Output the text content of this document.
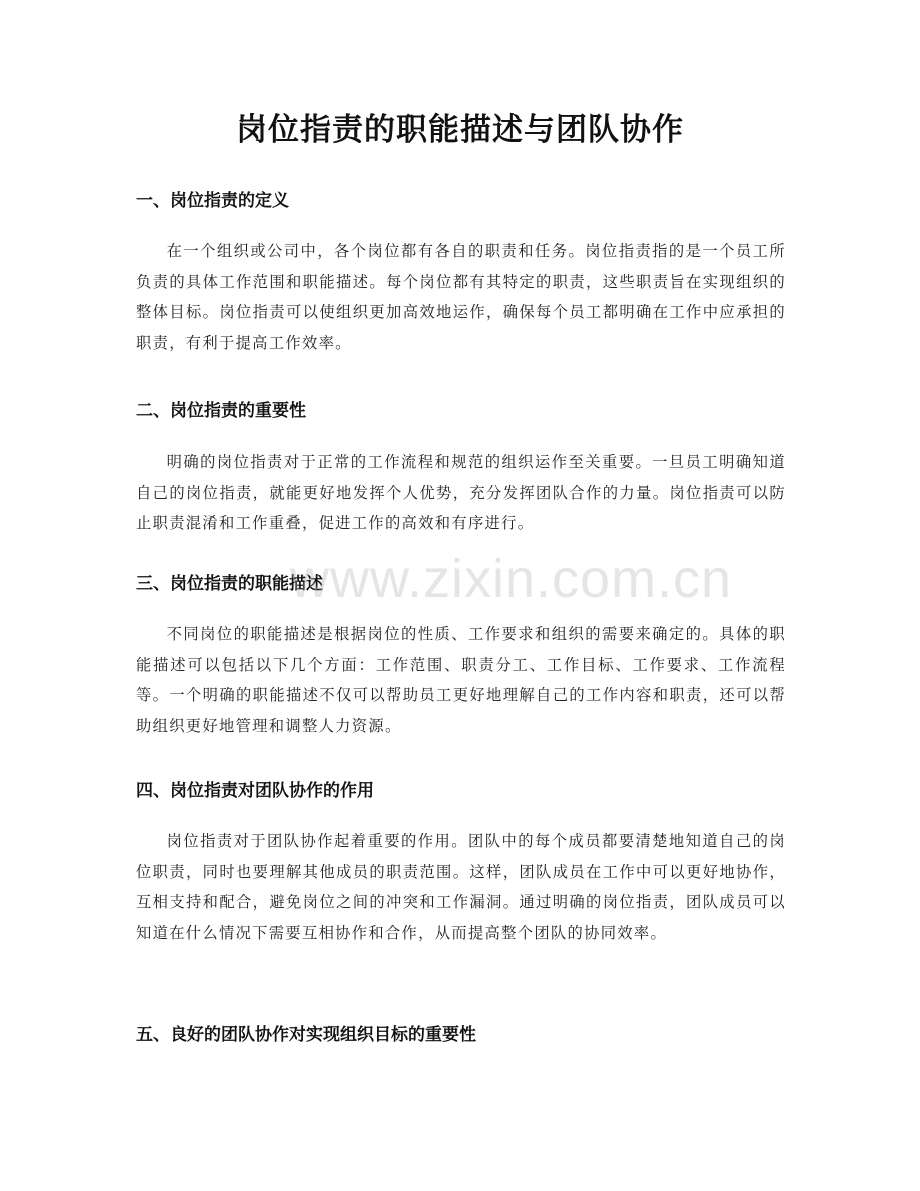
岗位指责的职能描述与团队协作
一、岗位指责的定义

在一个组织或公司中，各个岗位都有各自的职责和任务。岗位指责指的是一个员工所负责的具体工作范围和职能描述。每个岗位都有其特定的职责，这些职责旨在实现组织的整体目标。岗位指责可以使组织更加高效地运作，确保每个员工都明确在工作中应承担的职责，有利于提高工作效率。

二、岗位指责的重要性

明确的岗位指责对于正常的工作流程和规范的组织运作至关重要。一旦员工明确知道自己的岗位指责，就能更好地发挥个人优势，充分发挥团队合作的力量。岗位指责可以防止职责混淆和工作重叠，促进工作的高效和有序进行。

三、岗位指责的职能描述

不同岗位的职能描述是根据岗位的性质、工作要求和组织的需要来确定的。具体的职能描述可以包括以下几个方面：工作范围、职责分工、工作目标、工作要求、工作流程等。一个明确的职能描述不仅可以帮助员工更好地理解自己的工作内容和职责，还可以帮助组织更好地管理和调整人力资源。

四、岗位指责对团队协作的作用

岗位指责对于团队协作起着重要的作用。团队中的每个成员都要清楚地知道自己的岗位职责，同时也要理解其他成员的职责范围。这样，团队成员在工作中可以更好地协作，互相支持和配合，避免岗位之间的冲突和工作漏洞。通过明确的岗位指责，团队成员可以知道在什么情况下需要互相协作和合作，从而提高整个团队的协同效率。

五、良好的团队协作对实现组织目标的重要性
www.zixin.com.cn
